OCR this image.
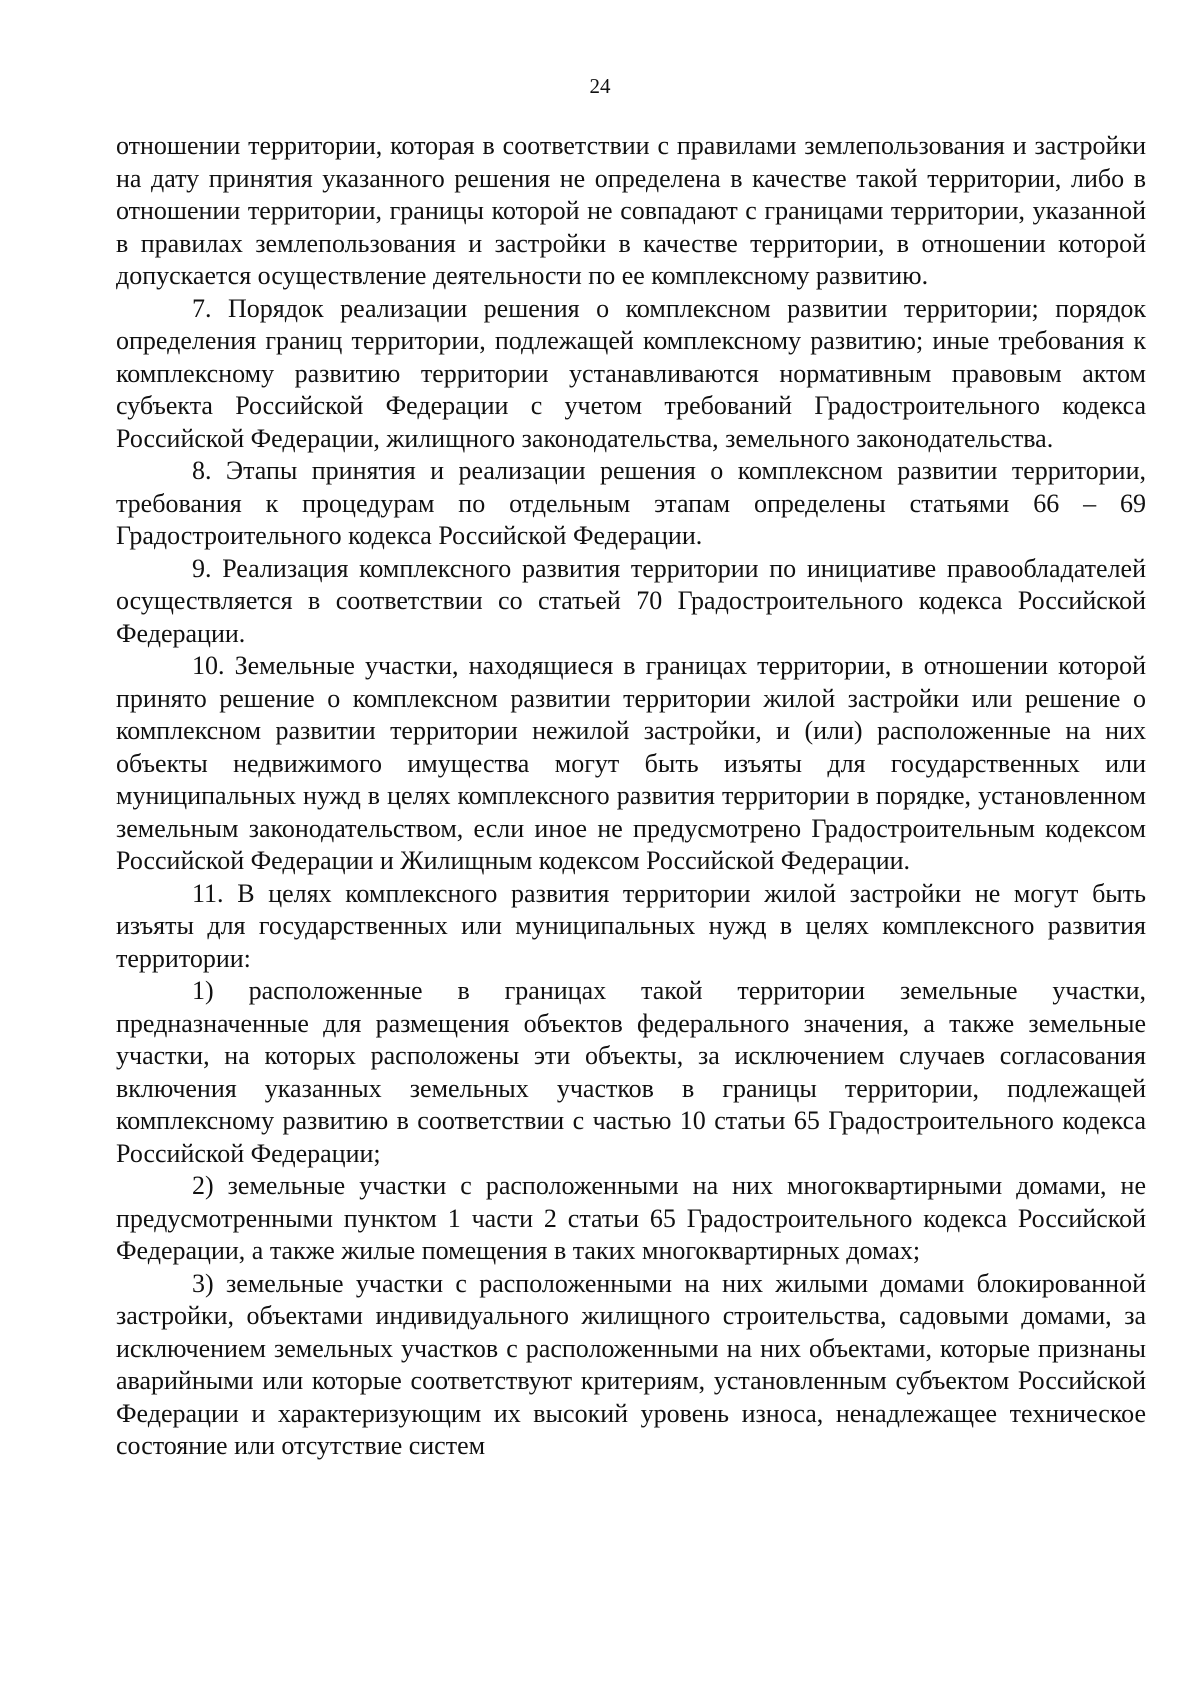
24

отношении территории, которая в соответствии с правилами землепользования и застройки на дату принятия указанного решения не определена в качестве такой территории, либо в отношении территории, границы которой не совпадают с границами территории, указанной в правилах землепользования и застройки в качестве территории, в отношении которой допускается осуществление деятельности по ее комплексному развитию.

7. Порядок реализации решения о комплексном развитии территории; порядок определения границ территории, подлежащей комплексному развитию; иные требования к комплексному развитию территории устанавливаются нормативным правовым актом субъекта Российской Федерации с учетом требований Градостроительного кодекса Российской Федерации, жилищного законодательства, земельного законодательства.

8. Этапы принятия и реализации решения о комплексном развитии территории, требования к процедурам по отдельным этапам определены статьями 66 – 69 Градостроительного кодекса Российской Федерации.

9. Реализация комплексного развития территории по инициативе правообладателей осуществляется в соответствии со статьей 70 Градостроительного кодекса Российской Федерации.

10. Земельные участки, находящиеся в границах территории, в отношении которой принято решение о комплексном развитии территории жилой застройки или решение о комплексном развитии территории нежилой застройки, и (или) расположенные на них объекты недвижимого имущества могут быть изъяты для государственных или муниципальных нужд в целях комплексного развития территории в порядке, установленном земельным законодательством, если иное не предусмотрено Градостроительным кодексом Российской Федерации и Жилищным кодексом Российской Федерации.

11. В целях комплексного развития территории жилой застройки не могут быть изъяты для государственных или муниципальных нужд в целях комплексного развития территории:

1) расположенные в границах такой территории земельные участки, предназначенные для размещения объектов федерального значения, а также земельные участки, на которых расположены эти объекты, за исключением случаев согласования включения указанных земельных участков в границы территории, подлежащей комплексному развитию в соответствии с частью 10 статьи 65 Градостроительного кодекса Российской Федерации;

2) земельные участки с расположенными на них многоквартирными домами, не предусмотренными пунктом 1 части 2 статьи 65 Градостроительного кодекса Российской Федерации, а также жилые помещения в таких многоквартирных домах;

3) земельные участки с расположенными на них жилыми домами блокированной застройки, объектами индивидуального жилищного строительства, садовыми домами, за исключением земельных участков с расположенными на них объектами, которые признаны аварийными или которые соответствуют критериям, установленным субъектом Российской Федерации и характеризующим их высокий уровень износа, ненадлежащее техническое состояние или отсутствие систем
